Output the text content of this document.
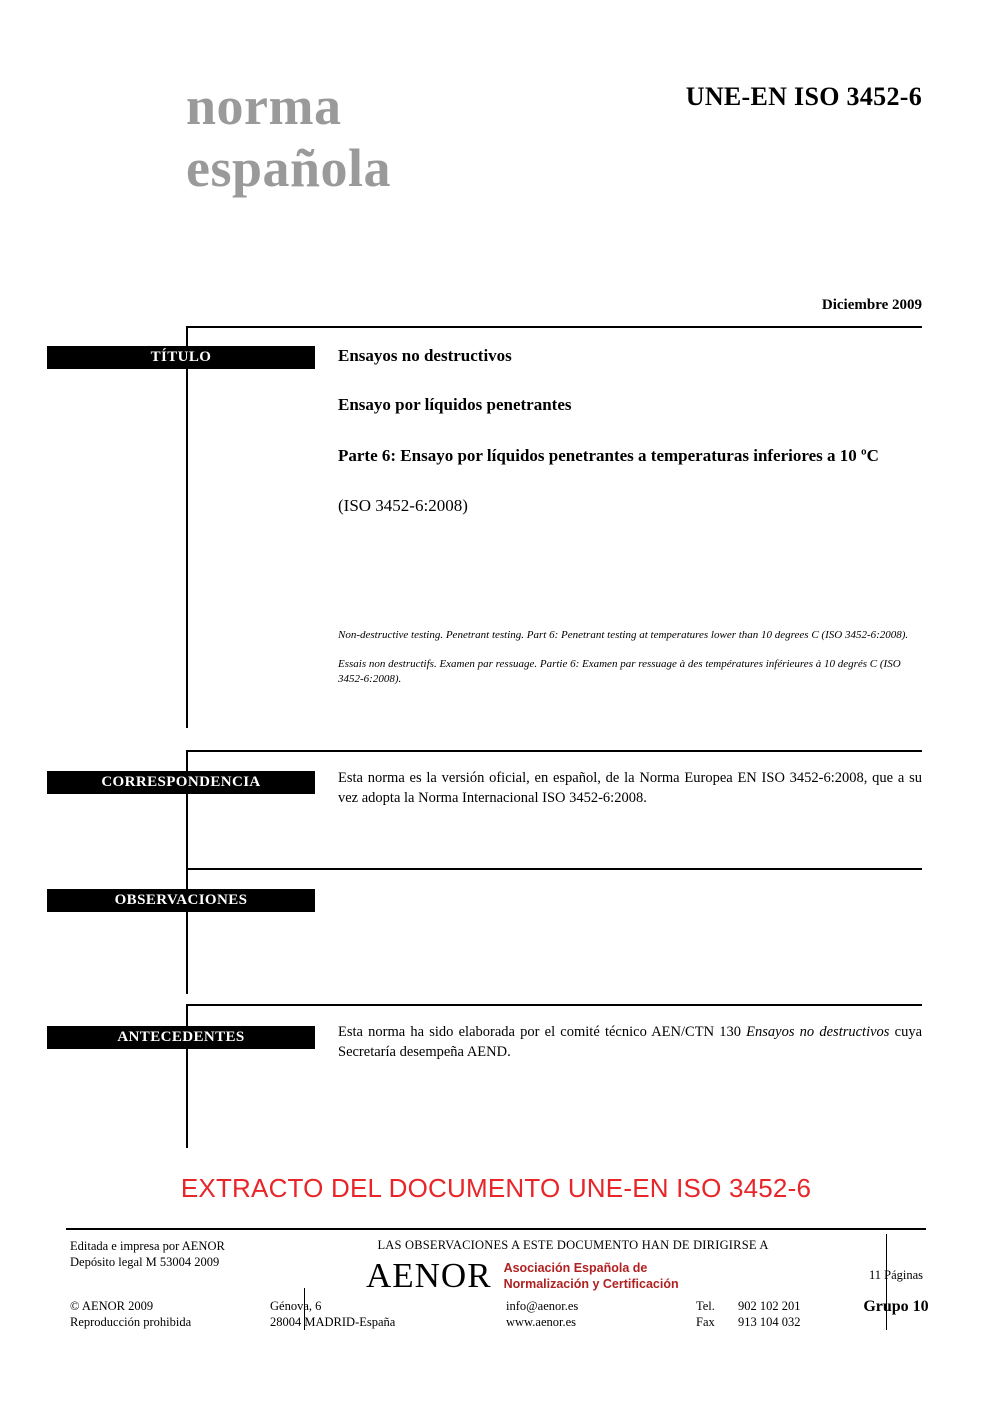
norma
española
UNE-EN ISO 3452-6
Diciembre 2009
TÍTULO	Ensayos no destructivos
Ensayo por líquidos penetrantes
Parte 6: Ensayo por líquidos penetrantes a temperaturas inferiores a 10 ºC
(ISO 3452-6:2008)
Non-destructive testing. Penetrant testing. Part 6: Penetrant testing at temperatures lower than 10 degrees C (ISO 3452-6:2008).
Essais non destructifs. Examen par ressuage. Partie 6: Examen par ressuage à des températures inférieures à 10 degrés C (ISO 3452-6:2008).
CORRESPONDENCIA	Esta norma es la versión oficial, en español, de la Norma Europea EN ISO 3452-6:2008, que a su vez adopta la Norma Internacional ISO 3452-6:2008.
OBSERVACIONES
ANTECEDENTES	Esta norma ha sido elaborada por el comité técnico AEN/CTN 130 Ensayos no destructivos cuya Secretaría desempeña AEND.
EXTRACTO DEL DOCUMENTO UNE-EN ISO 3452-6
Editada e impresa por AENOR
Depósito legal M 53004 2009
© AENOR 2009
Reproducción prohibida
LAS OBSERVACIONES A ESTE DOCUMENTO HAN DE DIRIGIRSE A
AENOR Asociación Española de
Normalización y Certificación
Génova, 6
28004 MADRID-España
info@aenor.es
www.aenor.es
Tel. 902 102 201
Fax 913 104 032
11 Páginas
Grupo 10
